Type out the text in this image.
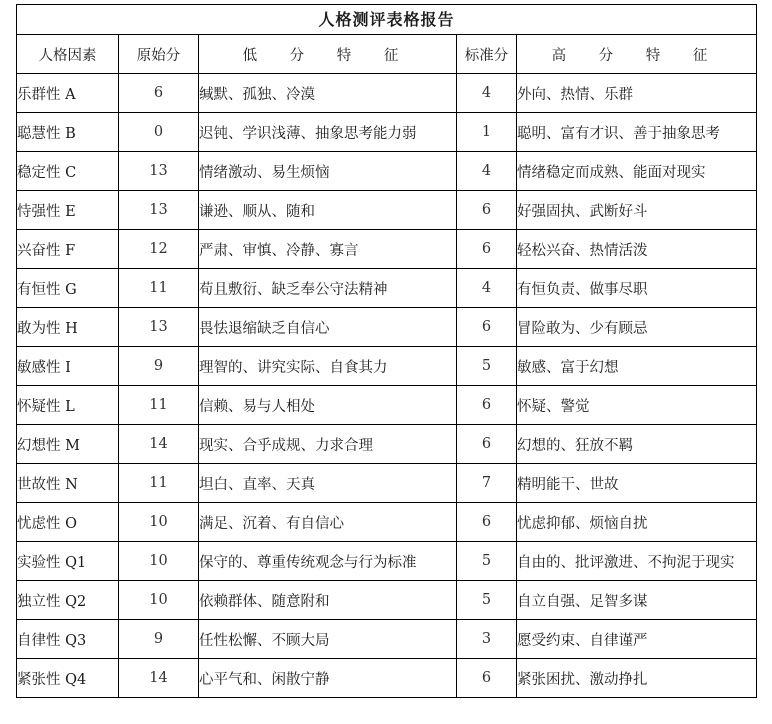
人格测评表格报告
人格因素	原始分	低 分 特 征	标准分	高 分 特 征
乐群性 A	6	缄默、孤独、冷漠	4	外向、热情、乐群
聪慧性 B	0	迟钝、学识浅薄、抽象思考能力弱	1	聪明、富有才识、善于抽象思考
稳定性 C	13	情绪激动、易生烦恼	4	情绪稳定而成熟、能面对现实
恃强性 E	13	谦逊、顺从、随和	6	好强固执、武断好斗
兴奋性 F	12	严肃、审慎、冷静、寡言	6	轻松兴奋、热情活泼
有恒性 G	11	苟且敷衍、缺乏奉公守法精神	4	有恒负责、做事尽职
敢为性 H	13	畏怯退缩缺乏自信心	6	冒险敢为、少有顾忌
敏感性 I	9	理智的、讲究实际、自食其力	5	敏感、富于幻想
怀疑性 L	11	信赖、易与人相处	6	怀疑、警觉
幻想性 M	14	现实、合乎成规、力求合理	6	幻想的、狂放不羁
世故性 N	11	坦白、直率、天真	7	精明能干、世故
忧虑性 O	10	满足、沉着、有自信心	6	忧虑抑郁、烦恼自扰
实验性 Q1	10	保守的、尊重传统观念与行为标准	5	自由的、批评激进、不拘泥于现实
独立性 Q2	10	依赖群体、随意附和	5	自立自强、足智多谋
自律性 Q3	9	任性松懈、不顾大局	3	愿受约束、自律谨严
紧张性 Q4	14	心平气和、闲散宁静	6	紧张困扰、激动挣扎
